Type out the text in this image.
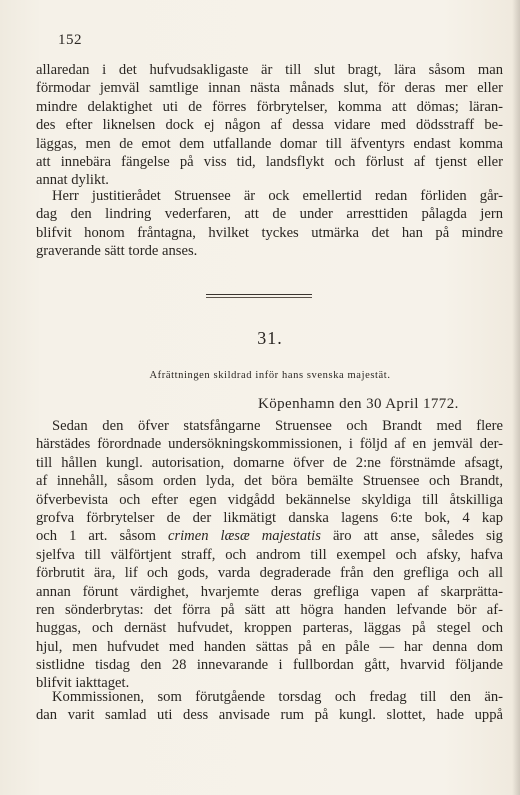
152
allaredan i det hufvudsakligaste är till slut bragt, lära såsom man
förmodar jemväl samtlige innan nästa månads slut, för deras mer eller
mindre delaktighet uti de förres förbrytelser, komma att dömas; läran-
des efter liknelsen dock ej någon af dessa vidare med dödsstraff be-
läggas, men de emot dem utfallande domar till äfventyrs endast komma
att innebära fängelse på viss tid, landsflykt och förlust af tjenst eller
annat dylikt.
Herr justitierådet Struensee är ock emellertid redan förliden går-
dag den lindring vederfaren, att de under arresttiden pålagda jern
blifvit honom fråntagna, hvilket tyckes utmärka det han på mindre
graverande sätt torde anses.
31.
Afrättningen skildrad inför hans svenska majestät.
Köpenhamn den 30 April 1772.
Sedan den öfver statsfångarne Struensee och Brandt med flere
härstädes förordnade undersökningskommissionen, i följd af en jemväl der-
till hållen kungl. autorisation, domarne öfver de 2:ne förstnämde afsagt,
af innehåll, såsom orden lyda, det böra bemälte Struensee och Brandt,
öfverbevista och efter egen vidgådd bekännelse skyldiga till åtskilliga
grofva förbrytelser de der likmätigt danska lagens 6:te bok, 4 kap
och 1 art. såsom crimen læsæ majestatis äro att anse, således sig
sjelfva till välförtjent straff, och androm till exempel och afsky, hafva
förbrutit ära, lif och gods, varda degraderade från den grefliga och all
annan förunt värdighet, hvarjemte deras grefliga vapen af skarprätta-
ren sönderbrytas: det förra på sätt att högra handen lefvande bör af-
huggas, och dernäst hufvudet, kroppen parteras, läggas på stegel och
hjul, men hufvudet med handen sättas på en påle — har denna dom
sistlidne tisdag den 28 innevarande i fullbordan gått, hvarvid följande
blifvit iakttaget.
Kommissionen, som förutgående torsdag och fredag till den än-
dan varit samlad uti dess anvisade rum på kungl. slottet, hade uppå
